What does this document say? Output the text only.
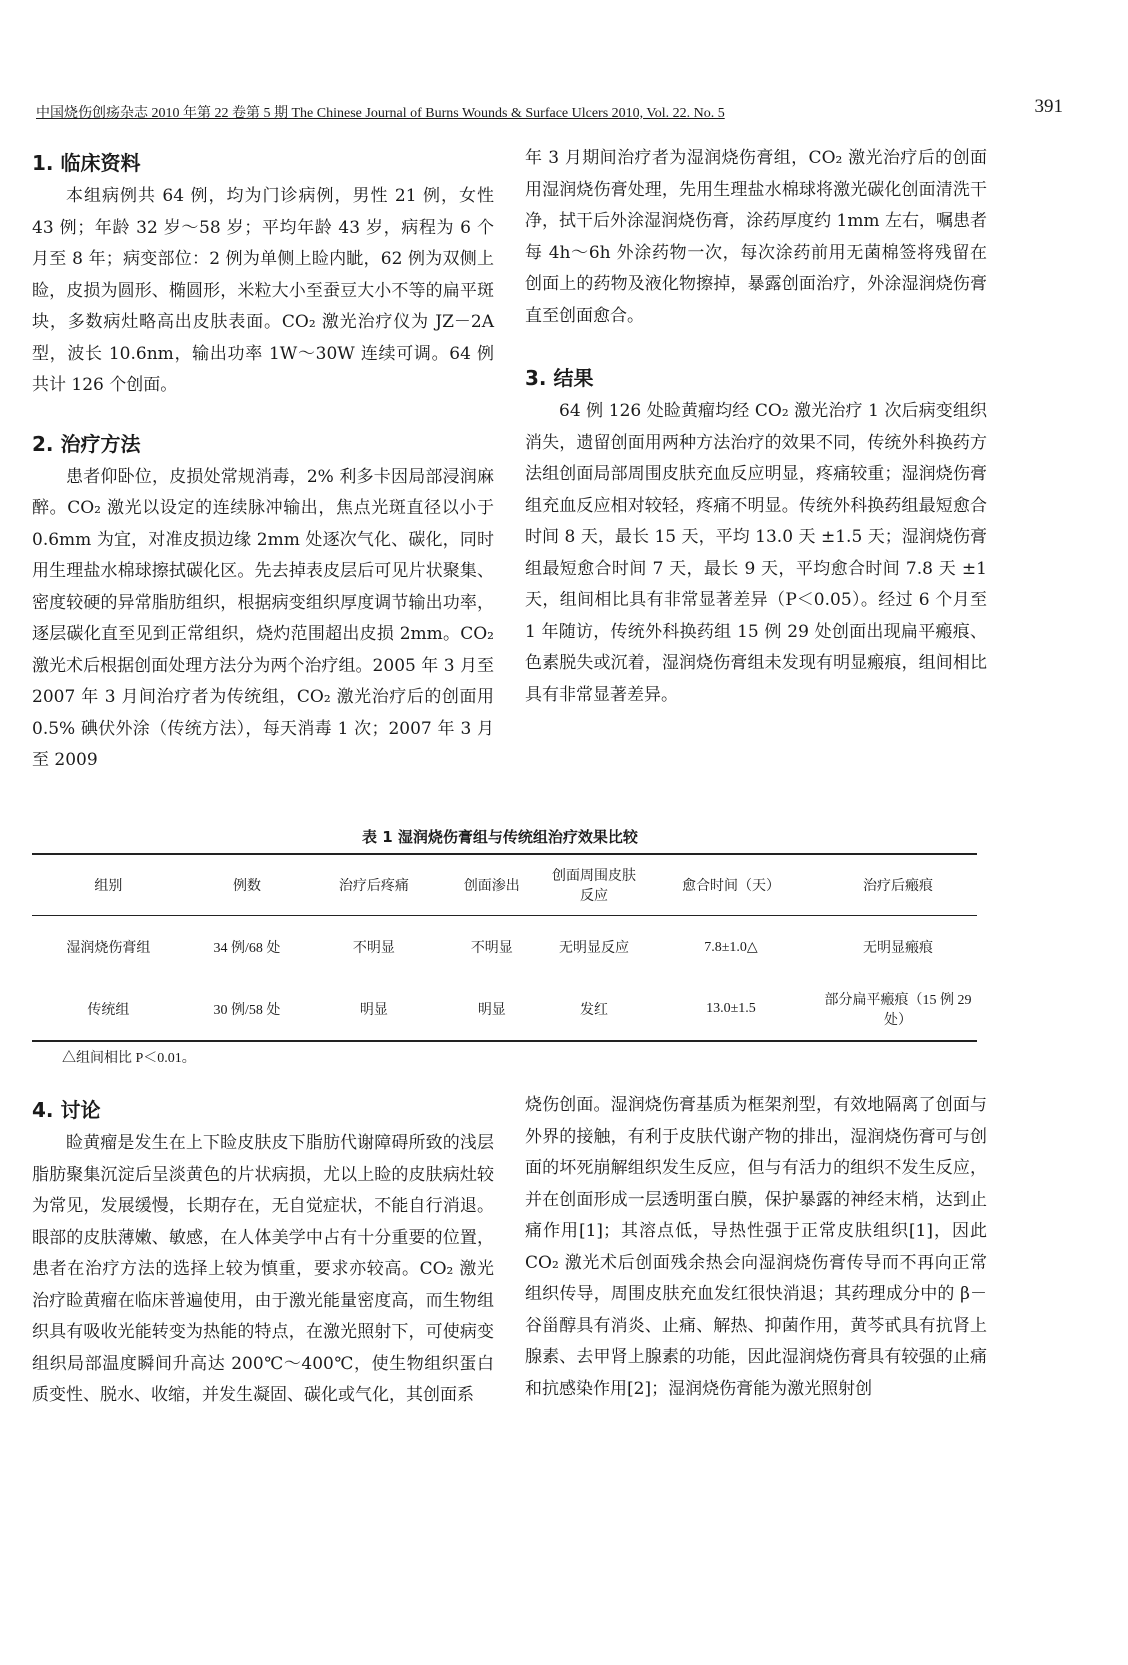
中国烧伤创疡杂志 2010 年第 22 卷第 5 期 The Chinese Journal of Burns Wounds & Surface Ulcers 2010, Vol. 22. No. 5	391
1. 临床资料

本组病例共 64 例，均为门诊病例，男性 21 例，女性 43 例；年龄 32 岁～58 岁；平均年龄 43 岁，病程为 6 个月至 8 年；病变部位：2 例为单侧上睑内眦，62 例为双侧上睑，皮损为圆形、椭圆形，米粒大小至蚕豆大小不等的扁平斑块，多数病灶略高出皮肤表面。CO₂ 激光治疗仪为 JZ－2A 型，波长 10.6nm，输出功率 1W～30W 连续可调。64 例共计 126 个创面。

2. 治疗方法

患者仰卧位，皮损处常规消毒，2% 利多卡因局部浸润麻醉。CO₂ 激光以设定的连续脉冲输出，焦点光斑直径以小于 0.6mm 为宜，对准皮损边缘 2mm 处逐次气化、碳化，同时用生理盐水棉球擦拭碳化区。先去掉表皮层后可见片状聚集、密度较硬的异常脂肪组织，根据病变组织厚度调节输出功率，逐层碳化直至见到正常组织，烧灼范围超出皮损 2mm。CO₂ 激光术后根据创面处理方法分为两个治疗组。2005 年 3 月至 2007 年 3 月间治疗者为传统组，CO₂ 激光治疗后的创面用 0.5% 碘伏外涂（传统方法），每天消毒 1 次；2007 年 3 月至 2009

年 3 月期间治疗者为湿润烧伤膏组，CO₂ 激光治疗后的创面用湿润烧伤膏处理，先用生理盐水棉球将激光碳化创面清洗干净，拭干后外涂湿润烧伤膏，涂药厚度约 1mm 左右，嘱患者每 4h～6h 外涂药物一次，每次涂药前用无菌棉签将残留在创面上的药物及液化物擦掉，暴露创面治疗，外涂湿润烧伤膏直至创面愈合。

3. 结果

64 例 126 处睑黄瘤均经 CO₂ 激光治疗 1 次后病变组织消失，遗留创面用两种方法治疗的效果不同，传统外科换药方法组创面局部周围皮肤充血反应明显，疼痛较重；湿润烧伤膏组充血反应相对较轻，疼痛不明显。传统外科换药组最短愈合时间 8 天，最长 15 天，平均 13.0 天 ±1.5 天；湿润烧伤膏组最短愈合时间 7 天，最长 9 天，平均愈合时间 7.8 天 ±1 天，组间相比具有非常显著差异（P＜0.05）。经过 6 个月至 1 年随访，传统外科换药组 15 例 29 处创面出现扁平瘢痕、色素脱失或沉着，湿润烧伤膏组未发现有明显瘢痕，组间相比具有非常显著差异。

表 1 湿润烧伤膏组与传统组治疗效果比较
组别	例数	治疗后疼痛	创面渗出	创面周围皮肤反应	愈合时间（天）	治疗后瘢痕
湿润烧伤膏组	34 例/68 处	不明显	不明显	无明显反应	7.8±1.0△	无明显瘢痕
传统组	30 例/58 处	明显	明显	发红	13.0±1.5	部分扁平瘢痕（15 例 29 处）
△组间相比 P＜0.01。
4. 讨论

睑黄瘤是发生在上下睑皮肤皮下脂肪代谢障碍所致的浅层脂肪聚集沉淀后呈淡黄色的片状病损，尤以上睑的皮肤病灶较为常见，发展缓慢，长期存在，无自觉症状，不能自行消退。眼部的皮肤薄嫩、敏感，在人体美学中占有十分重要的位置，患者在治疗方法的选择上较为慎重，要求亦较高。CO₂ 激光治疗睑黄瘤在临床普遍使用，由于激光能量密度高，而生物组织具有吸收光能转变为热能的特点，在激光照射下，可使病变组织局部温度瞬间升高达 200℃～400℃，使生物组织蛋白质变性、脱水、收缩，并发生凝固、碳化或气化，其创面系

烧伤创面。湿润烧伤膏基质为框架剂型，有效地隔离了创面与外界的接触，有利于皮肤代谢产物的排出，湿润烧伤膏可与创面的坏死崩解组织发生反应，但与有活力的组织不发生反应，并在创面形成一层透明蛋白膜，保护暴露的神经末梢，达到止痛作用[1]；其溶点低，导热性强于正常皮肤组织[1]，因此 CO₂ 激光术后创面残余热会向湿润烧伤膏传导而不再向正常组织传导，周围皮肤充血发红很快消退；其药理成分中的 β－谷甾醇具有消炎、止痛、解热、抑菌作用，黄芩甙具有抗肾上腺素、去甲肾上腺素的功能，因此湿润烧伤膏具有较强的止痛和抗感染作用[2]；湿润烧伤膏能为激光照射创
